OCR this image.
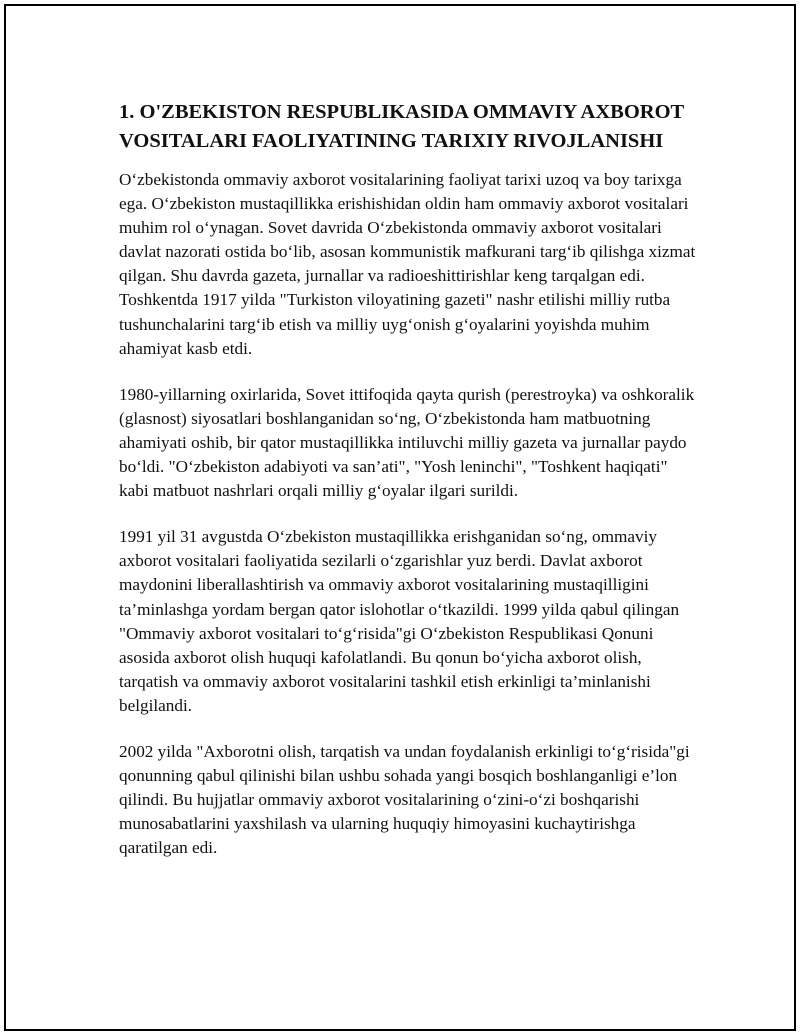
1. O'ZBEKISTON RESPUBLIKASIDA OMMAVIY AXBOROT VOSITALARI FAOLIYATINING TARIXIY RIVOJLANISHI

O‘zbekistonda ommaviy axborot vositalarining faoliyat tarixi uzoq va boy tarixga ega. O‘zbekiston mustaqillikka erishishidan oldin ham ommaviy axborot vositalari muhim rol o‘ynagan. Sovet davrida O‘zbekistonda ommaviy axborot vositalari davlat nazorati ostida bo‘lib, asosan kommunistik mafkurani targ‘ib qilishga xizmat qilgan. Shu davrda gazeta, jurnallar va radioeshittirishlar keng tarqalgan edi. Toshkentda 1917 yilda "Turkiston viloyatining gazeti" nashr etilishi milliy rutba tushunchalarini targ‘ib etish va milliy uyg‘onish g‘oyalarini yoyishda muhim ahamiyat kasb etdi.

1980-yillarning oxirlarida, Sovet ittifoqida qayta qurish (perestroyka) va oshkoralik (glasnost) siyosatlari boshlanganidan so‘ng, O‘zbekistonda ham matbuotning ahamiyati oshib, bir qator mustaqillikka intiluvchi milliy gazeta va jurnallar paydo bo‘ldi. "O‘zbekiston adabiyoti va san’ati", "Yosh leninchi", "Toshkent haqiqati" kabi matbuot nashrlari orqali milliy g‘oyalar ilgari surildi.

1991 yil 31 avgustda O‘zbekiston mustaqillikka erishganidan so‘ng, ommaviy axborot vositalari faoliyatida sezilarli o‘zgarishlar yuz berdi. Davlat axborot maydonini liberallashtirish va ommaviy axborot vositalarining mustaqilligini ta’minlashga yordam bergan qator islohotlar o‘tkazildi. 1999 yilda qabul qilingan "Ommaviy axborot vositalari to‘g‘risida"gi O‘zbekiston Respublikasi Qonuni asosida axborot olish huquqi kafolatlandi. Bu qonun bo‘yicha axborot olish, tarqatish va ommaviy axborot vositalarini tashkil etish erkinligi ta’minlanishi belgilandi.

2002 yilda "Axborotni olish, tarqatish va undan foydalanish erkinligi to‘g‘risida"gi qonunning qabul qilinishi bilan ushbu sohada yangi bosqich boshlanganligi e’lon qilindi. Bu hujjatlar ommaviy axborot vositalarining o‘zini-o‘zi boshqarishi munosabatlarini yaxshilash va ularning huquqiy himoyasini kuchaytirishga qaratilgan edi.
